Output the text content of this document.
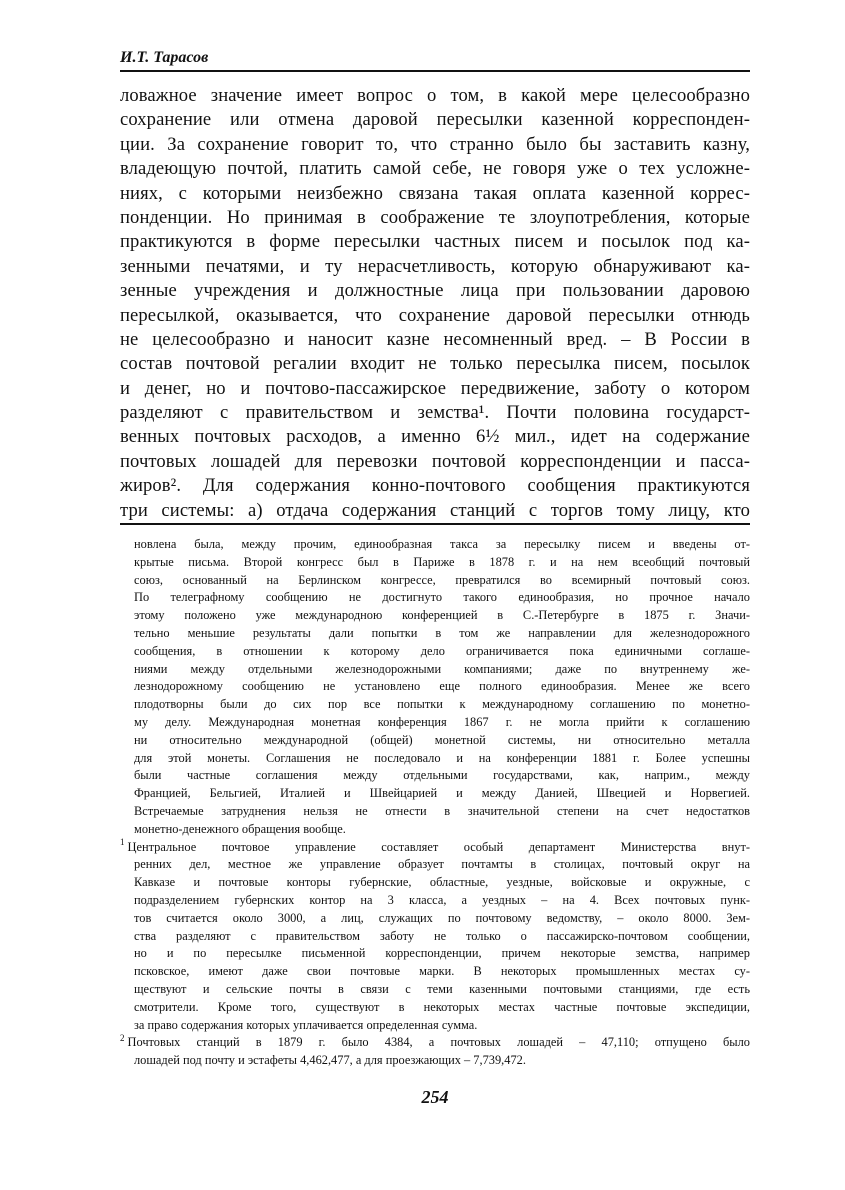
И.Т. Тарасов
ловажное значение имеет вопрос о том, в какой мере целесообразно
сохранение или отмена даровой пересылки казенной корреспонден-
ции. За сохранение говорит то, что странно было бы заставить казну,
владеющую почтой, платить самой себе, не говоря уже о тех усложне-
ниях, с которыми неизбежно связана такая оплата казенной коррес-
понденции. Но принимая в соображение те злоупотребления, которые
практикуются в форме пересылки частных писем и посылок под ка-
зенными печатями, и ту нерасчетливость, которую обнаруживают ка-
зенные учреждения и должностные лица при пользовании даровою
пересылкой, оказывается, что сохранение даровой пересылки отнюдь
не целесообразно и наносит казне несомненный вред. – В России в
состав почтовой регалии входит не только пересылка писем, посылок
и денег, но и почтово-пассажирское передвижение, заботу о котором
разделяют с правительством и земства¹. Почти половина государст-
венных почтовых расходов, а именно 6½ мил., идет на содержание
почтовых лошадей для перевозки почтовой корреспонденции и пасса-
жиров². Для содержания конно-почтового сообщения практикуются
три системы: а) отдача содержания станций с торгов тому лицу, кто
новлена была, между прочим, единообразная такса за пересылку писем и введены от-
крытые письма. Второй конгресс был в Париже в 1878 г. и на нем всеобщий почтовый
союз, основанный на Берлинском конгрессе, превратился во всемирный почтовый союз.
По телеграфному сообщению не достигнуто такого единообразия, но прочное начало
этому положено уже международною конференцией в С.-Петербурге в 1875 г. Значи-
тельно меньшие результаты дали попытки в том же направлении для железнодорожного
сообщения, в отношении к которому дело ограничивается пока единичными соглаше-
ниями между отдельными железнодорожными компаниями; даже по внутреннему же-
лезнодорожному сообщению не установлено еще полного единообразия. Менее же всего
плодотворны были до сих пор все попытки к международному соглашению по монетно-
му делу. Международная монетная конференция 1867 г. не могла прийти к соглашению
ни относительно международной (общей) монетной системы, ни относительно металла
для этой монеты. Соглашения не последовало и на конференции 1881 г. Более успешны
были частные соглашения между отдельными государствами, как, наприм., между
Францией, Бельгией, Италией и Швейцарией и между Данией, Швецией и Норвегией.
Встречаемые затруднения нельзя не отнести в значительной степени на счет недостатков
монетно-денежного обращения вообще.
$^1$ Центральное почтовое управление составляет особый департамент Министерства внут-
ренних дел, местное же управление образует почтамты в столицах, почтовый округ на
Кавказе и почтовые конторы губернские, областные, уездные, войсковые и окружные, с
подразделением губернских контор на 3 класса, а уездных – на 4. Всех почтовых пунк-
тов считается около 3000, а лиц, служащих по почтовому ведомству, – около 8000. Зем-
ства разделяют с правительством заботу не только о пассажирско-почтовом сообщении,
но и по пересылке письменной корреспонденции, причем некоторые земства, например
псковское, имеют даже свои почтовые марки. В некоторых промышленных местах су-
ществуют и сельские почты в связи с теми казенными почтовыми станциями, где есть
смотрители. Кроме того, существуют в некоторых местах частные почтовые экспедиции,
за право содержания которых уплачивается определенная сумма.
$^2$ Почтовых станций в 1879 г. было 4384, а почтовых лошадей – 47,110; отпущено было
лошадей под почту и эстафеты 4,462,477, а для проезжающих – 7,739,472.
254
